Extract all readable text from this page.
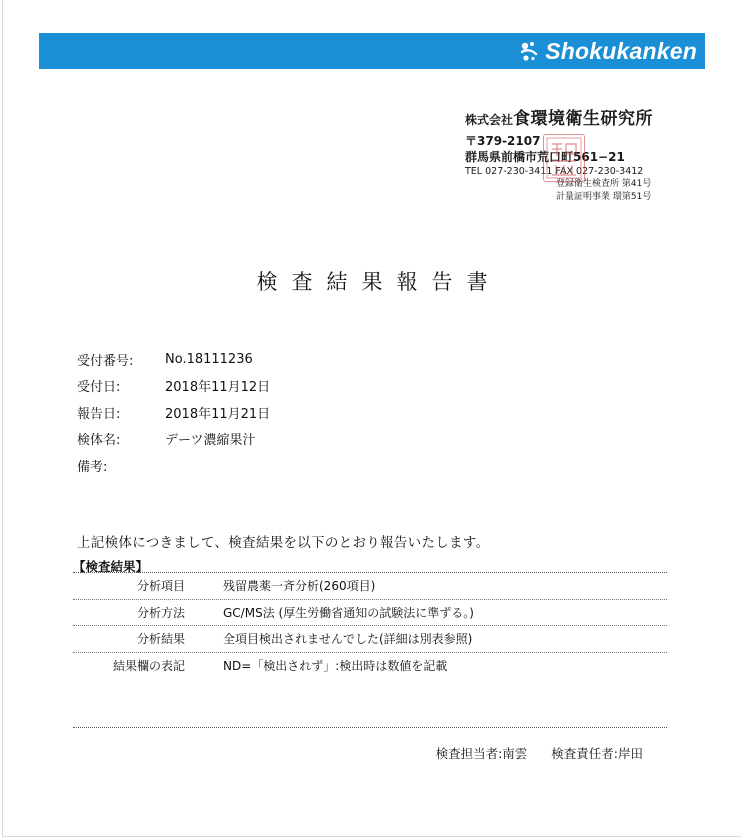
Shokukanken
株式会社食環境衛生研究所
〒379-2107
群馬県前橋市荒口町561−21
TEL 027-230-3411 FAX 027-230-3412
登録衛生検査所 第41号
計量証明事業 環第51号
検査結果報告書
受付番号:	No.18111236
受付日:	2018年11月12日
報告日:	2018年11月21日
検体名:	デーツ濃縮果汁
備考:
上記検体につきまして、検査結果を以下のとおり報告いたします。
【検査結果】
分析項目	残留農薬一斉分析(260項目)
分析方法	GC/MS法 (厚生労働省通知の試験法に準ずる。)
分析結果	全項目検出されませんでした(詳細は別表参照)
結果欄の表記	ND=「検出されず」:検出時は数値を記載
検査担当者:南雲 検査責任者:岸田
